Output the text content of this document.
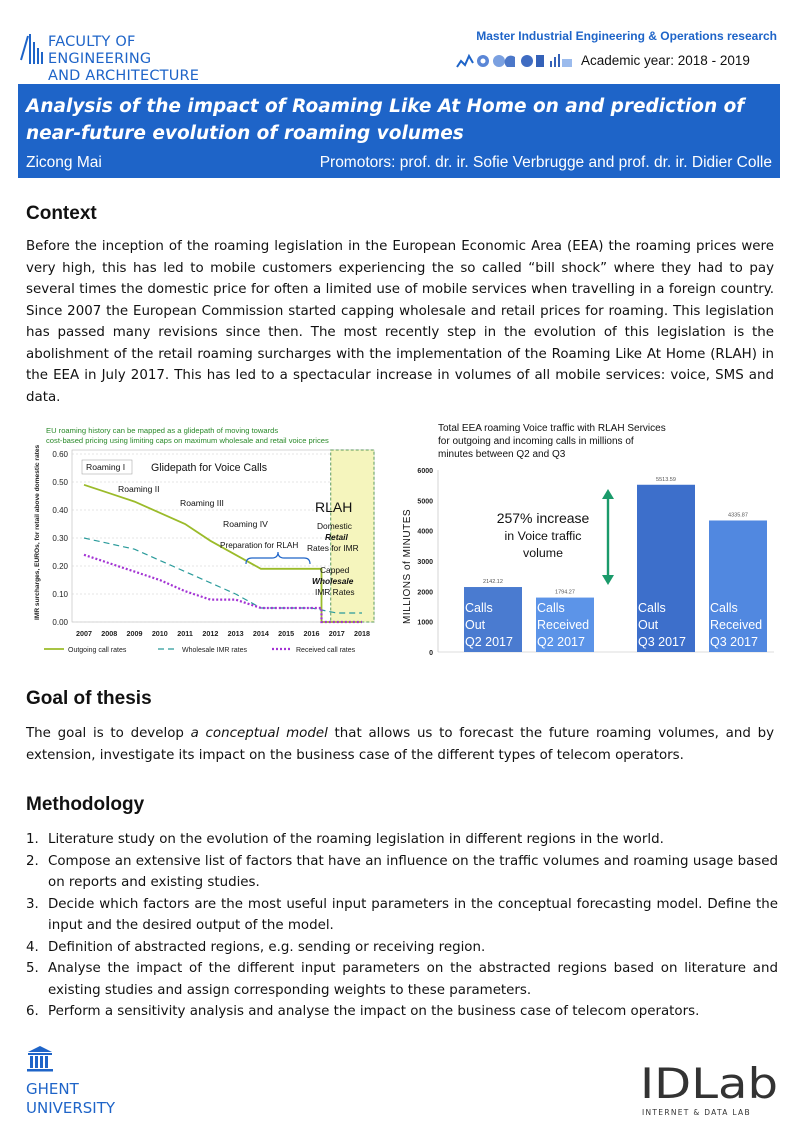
FACULTY OF ENGINEERING
AND ARCHITECTURE
Master Industrial Engineering & Operations research
Academic year: 2018 - 2019
Analysis of the impact of Roaming Like At Home on and prediction of near-future evolution of roaming volumes
Zicong Mai	Promotors: prof. dr. ir. Sofie Verbrugge and prof. dr. ir. Didier Colle
Context
Before the inception of the roaming legislation in the European Economic Area (EEA) the roaming prices were very high, this has led to mobile customers experiencing the so called “bill shock” where they had to pay several times the domestic price for often a limited use of mobile services when travelling in a foreign country. Since 2007 the European Commission started capping wholesale and retail prices for roaming. This legislation has passed many revisions since then. The most recently step in the evolution of this legislation is the abolishment of the retail roaming surcharges with the implementation of the Roaming Like At Home (RLAH) in the EEA in July 2017. This has led to a spectacular increase in volumes of all mobile services: voice, SMS and data.
EU roaming history can be mapped as a glidepath of moving towards
cost-based pricing using limiting caps on maximum wholesale and retail voice prices
0.00
0.10
0.20
0.30
0.40
0.50
0.60
2007 2008 2009 2010 2011 2012 2013 2014 2015 2016 2017 2018
IMR surcharges, EUROs, for retail above domestic rates	Roaming I Glidepath for Voice Calls
Roaming II
Roaming III
Roaming IV
Preparation for RLAH
RLAH
Domestic
Retail
Rates for IMR
Capped
Wholesale
IMR Rates
Outgoing call rates	Wholesale IMR rates	Received call rates
Total EEA roaming Voice traffic with RLAH Services
for outgoing and incoming calls in millions of
minutes between Q2 and Q3
0
1000
2000
3000
4000
5000
6000
MILLIONS of MINUTES	2142.12
Calls
Out
Q2 2017
1794.27
Calls
Received
Q2 2017
5513.59
Calls
Out
Q3 2017
4335.87
Calls
Received
Q3 2017
257% increase
in Voice traffic
volume
Goal of thesis
The goal is to develop a conceptual model that allows us to forecast the future roaming volumes, and by extension, investigate its impact on the business case of the different types of telecom operators.
Methodology
1. Literature study on the evolution of the roaming legislation in different regions in the world.
2. Compose an extensive list of factors that have an influence on the traffic volumes and roaming usage based on reports and existing studies.
3. Decide which factors are the most useful input parameters in the conceptual forecasting model. Define the input and the desired output of the model.
4. Definition of abstracted regions, e.g. sending or receiving region.
5. Analyse the impact of the different input parameters on the abstracted regions based on literature and existing studies and assign corresponding weights to these parameters.
6. Perform a sensitivity analysis and analyse the impact on the business case of telecom operators.
GHENT
UNIVERSITY	IDLab
INTERNET & DATA LAB
